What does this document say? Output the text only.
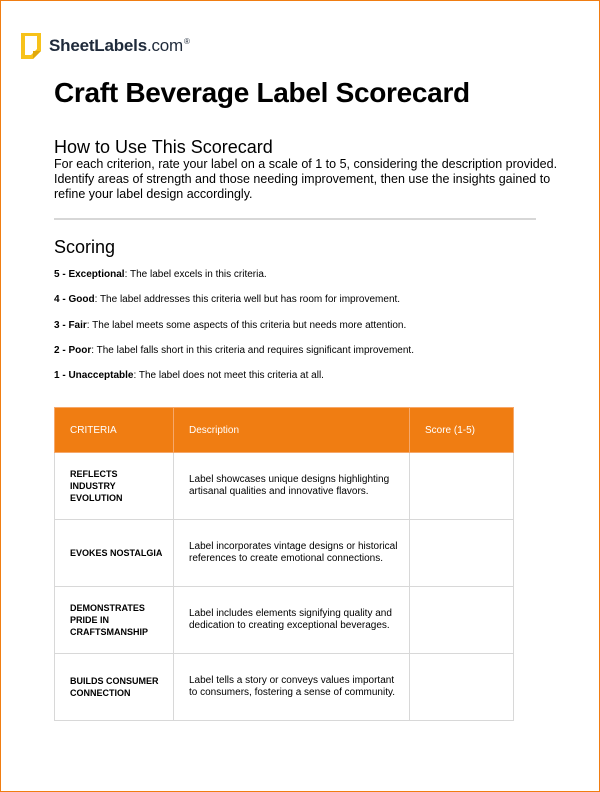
SheetLabels.com®
Craft Beverage Label Scorecard
How to Use This Scorecard

For each criterion, rate your label on a scale of 1 to 5, considering the description provided. Identify areas of strength and those needing improvement, then use the insights gained to refine your label design accordingly.

Scoring
5 - Exceptional: The label excels in this criteria.
4 - Good: The label addresses this criteria well but has room for improvement.
3 - Fair: The label meets some aspects of this criteria but needs more attention.
2 - Poor: The label falls short in this criteria and requires significant improvement.
1 - Unacceptable: The label does not meet this criteria at all.
CRITERIA	Description	Score (1-5)
REFLECTS INDUSTRY EVOLUTION	Label showcases unique designs highlighting artisanal qualities and innovative flavors.	
EVOKES NOSTALGIA	Label incorporates vintage designs or historical references to create emotional connections.	
DEMONSTRATES PRIDE IN CRAFTSMANSHIP	Label includes elements signifying quality and dedication to creating exceptional beverages.	
BUILDS CONSUMER CONNECTION	Label tells a story or conveys values important to consumers, fostering a sense of community.	
